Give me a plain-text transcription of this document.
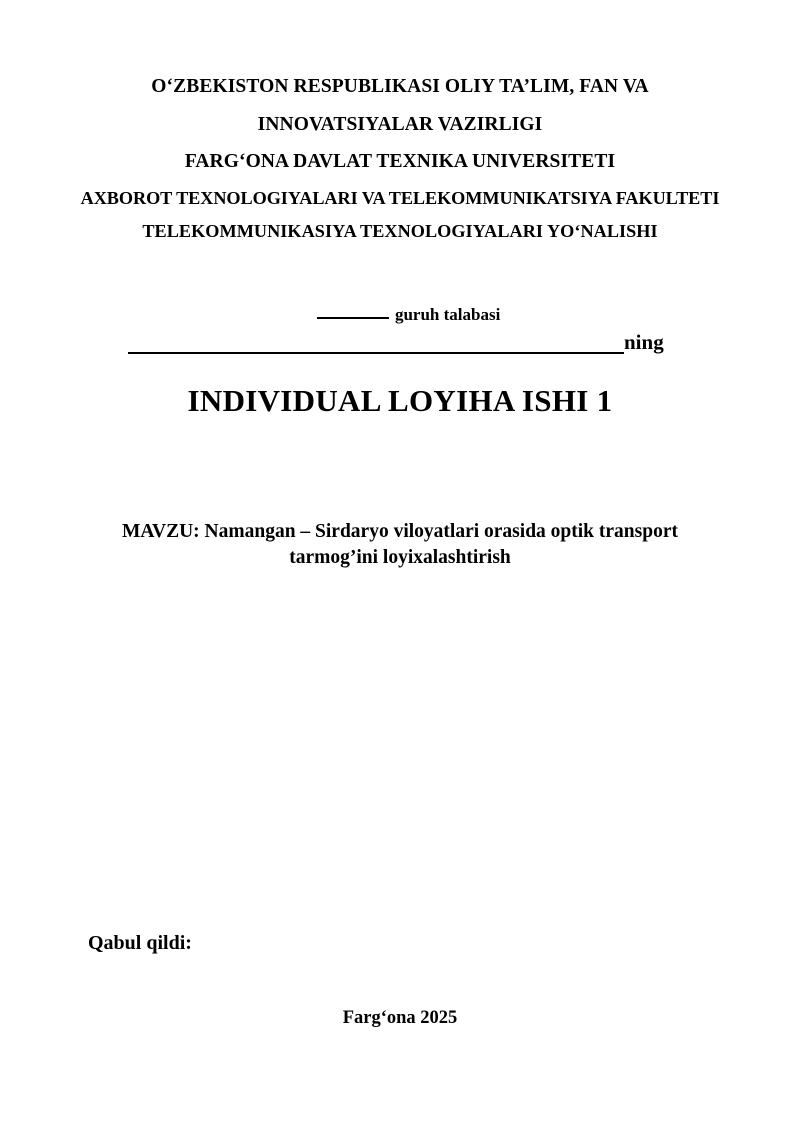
O‘ZBEKISTON RESPUBLIKASI OLIY TA’LIM, FAN VA
INNOVATSIYALAR VAZIRLIGI
FARG‘ONA DAVLAT TEXNIKA UNIVERSITETI
AXBOROT TEXNOLOGIYALARI VA TELEKOMMUNIKATSIYA FAKULTETI
TELEKOMMUNIKASIYA TEXNOLOGIYALARI YO‘NALISHI

guruh talabasi

ning
INDIVIDUAL LOYIHA ISHI 1
MAVZU: Namangan – Sirdaryo viloyatlari orasida optik transport tarmog’ini loyixalashtirish
Qabul qildi:
Farg‘ona 2025
